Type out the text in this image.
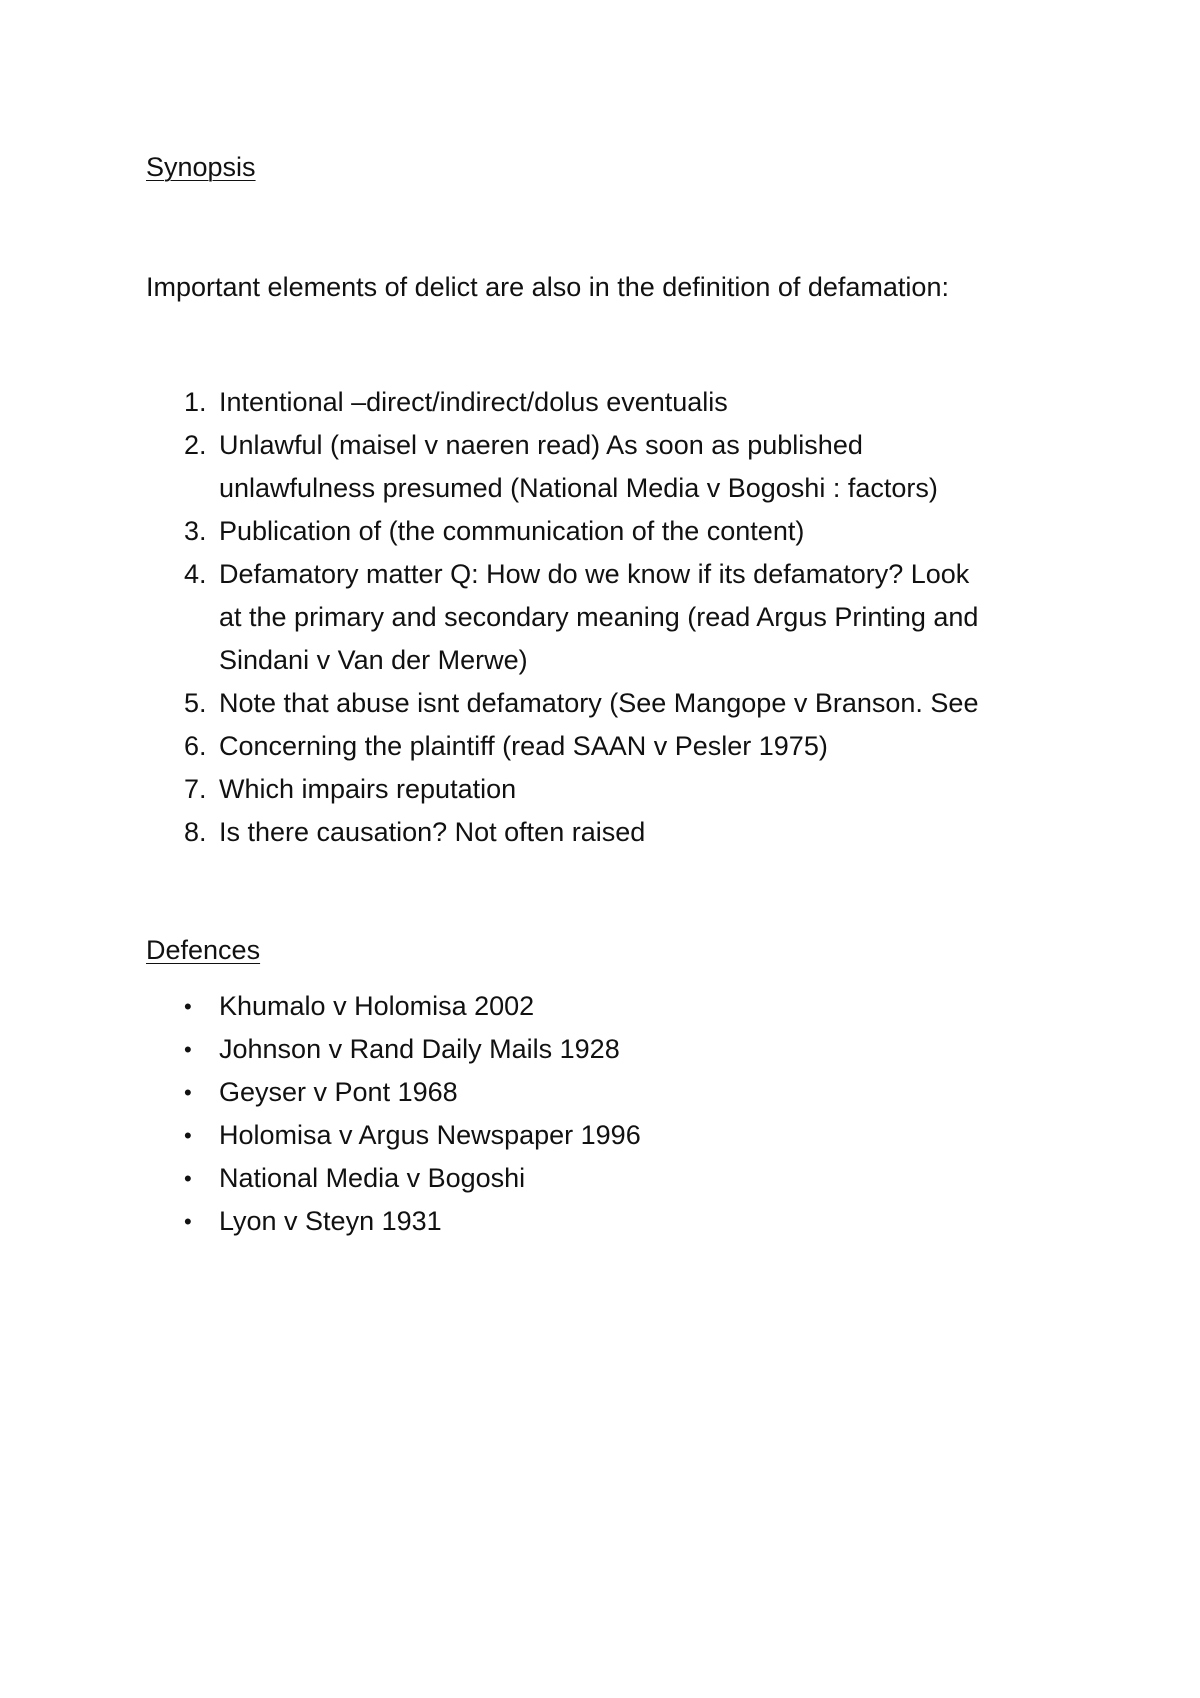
Synopsis
Important elements of delict are also in the definition of defamation:
1. Intentional –direct/indirect/dolus eventualis
2. Unlawful (maisel v naeren read) As soon as published
unlawfulness presumed (National Media v Bogoshi : factors)
3. Publication of (the communication of the content)
4. Defamatory matter Q: How do we know if its defamatory? Look
at the primary and secondary meaning (read Argus Printing and
Sindani v Van der Merwe)
5. Note that abuse isnt defamatory (See Mangope v Branson. See
6. Concerning the plaintiff (read SAAN v Pesler 1975)
7. Which impairs reputation
8. Is there causation? Not often raised
Defences
• Khumalo v Holomisa 2002
• Johnson v Rand Daily Mails 1928
• Geyser v Pont 1968
• Holomisa v Argus Newspaper 1996
• National Media v Bogoshi
• Lyon v Steyn 1931
